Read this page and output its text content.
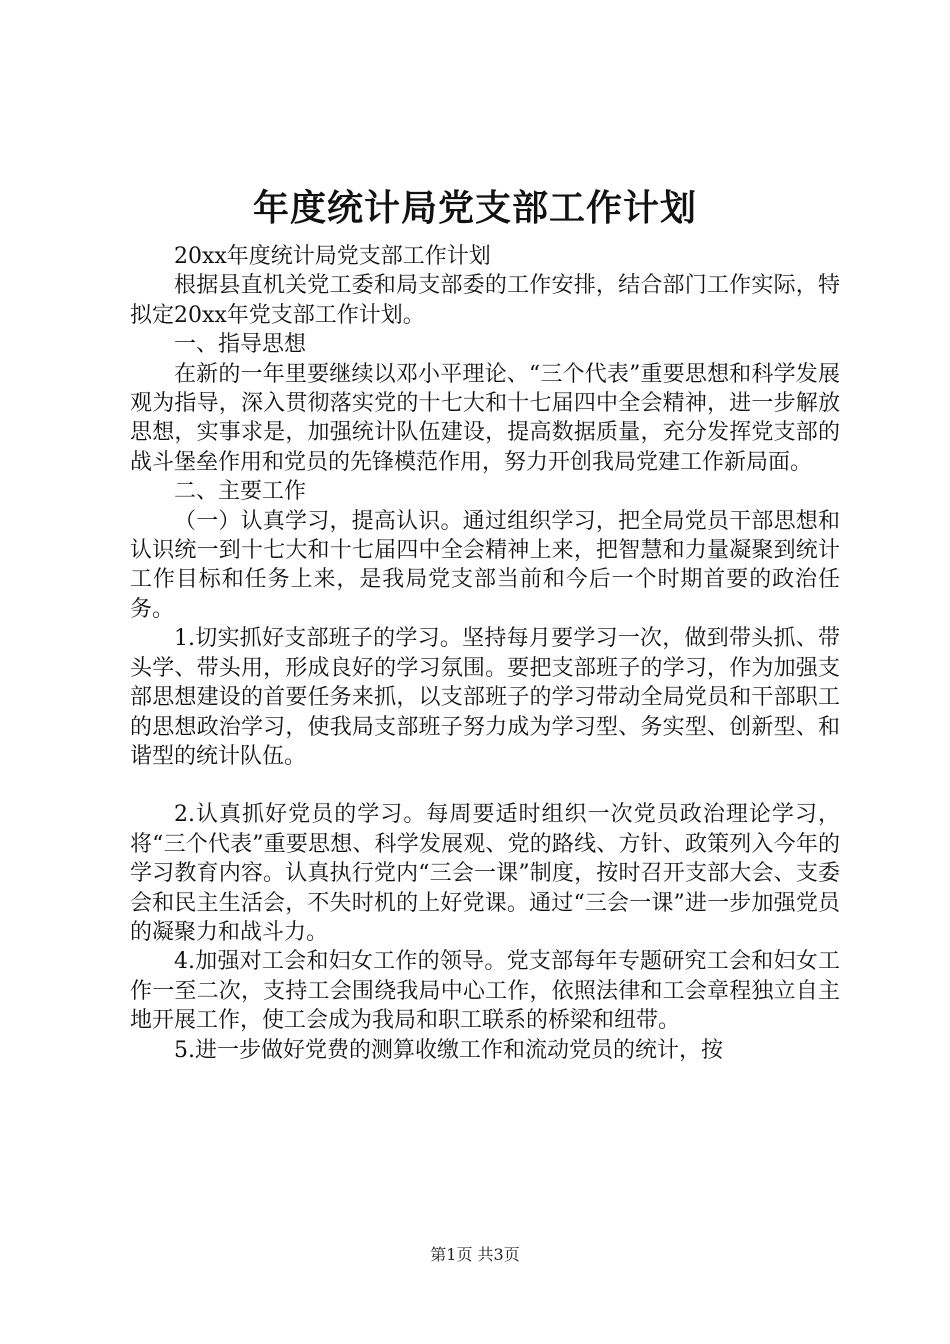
年度统计局党支部工作计划

20xx年度统计局党支部工作计划

根据县直机关党工委和局支部委的工作安排，结合部门工作实际，特拟定20xx年党支部工作计划。

一、指导思想

在新的一年里要继续以邓小平理论、“三个代表”重要思想和科学发展观为指导，深入贯彻落实党的十七大和十七届四中全会精神，进一步解放思想，实事求是，加强统计队伍建设，提高数据质量，充分发挥党支部的战斗堡垒作用和党员的先锋模范作用，努力开创我局党建工作新局面。

二、主要工作

（一）认真学习，提高认识。通过组织学习，把全局党员干部思想和认识统一到十七大和十七届四中全会精神上来，把智慧和力量凝聚到统计工作目标和任务上来，是我局党支部当前和今后一个时期首要的政治任务。

1.切实抓好支部班子的学习。坚持每月要学习一次，做到带头抓、带头学、带头用，形成良好的学习氛围。要把支部班子的学习，作为加强支部思想建设的首要任务来抓，以支部班子的学习带动全局党员和干部职工的思想政治学习，使我局支部班子努力成为学习型、务实型、创新型、和谐型的统计队伍。

2.认真抓好党员的学习。每周要适时组织一次党员政治理论学习，将“三个代表”重要思想、科学发展观、党的路线、方针、政策列入今年的学习教育内容。认真执行党内“三会一课”制度，按时召开支部大会、支委会和民主生活会，不失时机的上好党课。通过“三会一课”进一步加强党员的凝聚力和战斗力。

4.加强对工会和妇女工作的领导。党支部每年专题研究工会和妇女工作一至二次，支持工会围绕我局中心工作，依照法律和工会章程独立自主地开展工作，使工会成为我局和职工联系的桥梁和纽带。

5.进一步做好党费的测算收缴工作和流动党员的统计，按

第1页 共3页
